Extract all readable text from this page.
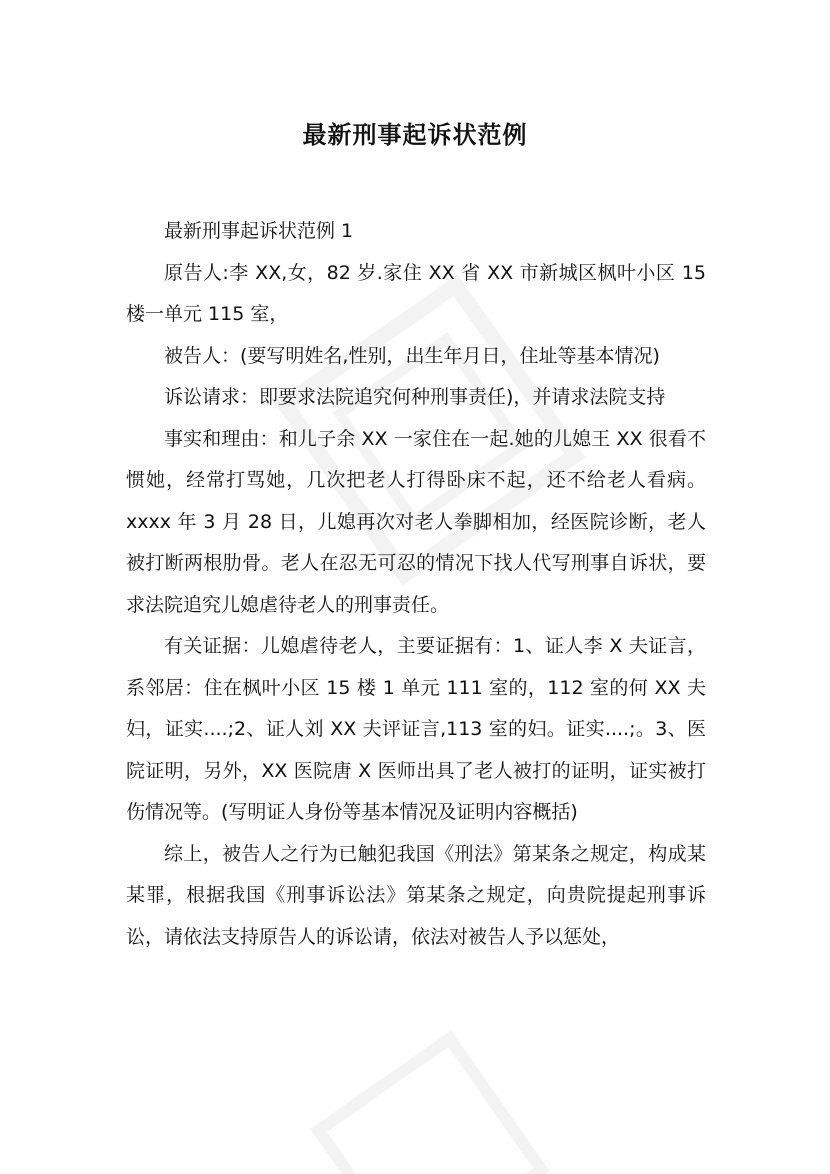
最新刑事起诉状范例

最新刑事起诉状范例 1

原告人:李 XX,女，82 岁.家住 XX 省 XX 市新城区枫叶小区 15 楼一单元 115 室，

被告人：(要写明姓名,性别，出生年月日，住址等基本情况)

诉讼请求：即要求法院追究何种刑事责任)，并请求法院支持

事实和理由：和儿子余 XX 一家住在一起.她的儿媳王 XX 很看不惯她，经常打骂她，几次把老人打得卧床不起，还不给老人看病。xxxx 年 3 月 28 日，儿媳再次对老人拳脚相加，经医院诊断，老人被打断两根肋骨。老人在忍无可忍的情况下找人代写刑事自诉状，要求法院追究儿媳虐待老人的刑事责任。

有关证据：儿媳虐待老人，主要证据有：1、证人李 X 夫证言，系邻居：住在枫叶小区 15 楼 1 单元 111 室的，112 室的何 XX 夫妇，证实....;2、证人刘 XX 夫评证言,113 室的妇。证实....;。3、医院证明，另外，XX 医院唐 X 医师出具了老人被打的证明，证实被打伤情况等。(写明证人身份等基本情况及证明内容概括)

综上，被告人之行为已触犯我国《刑法》第某条之规定，构成某某罪，根据我国《刑事诉讼法》第某条之规定，向贵院提起刑事诉讼，请依法支持原告人的诉讼请，依法对被告人予以惩处，
